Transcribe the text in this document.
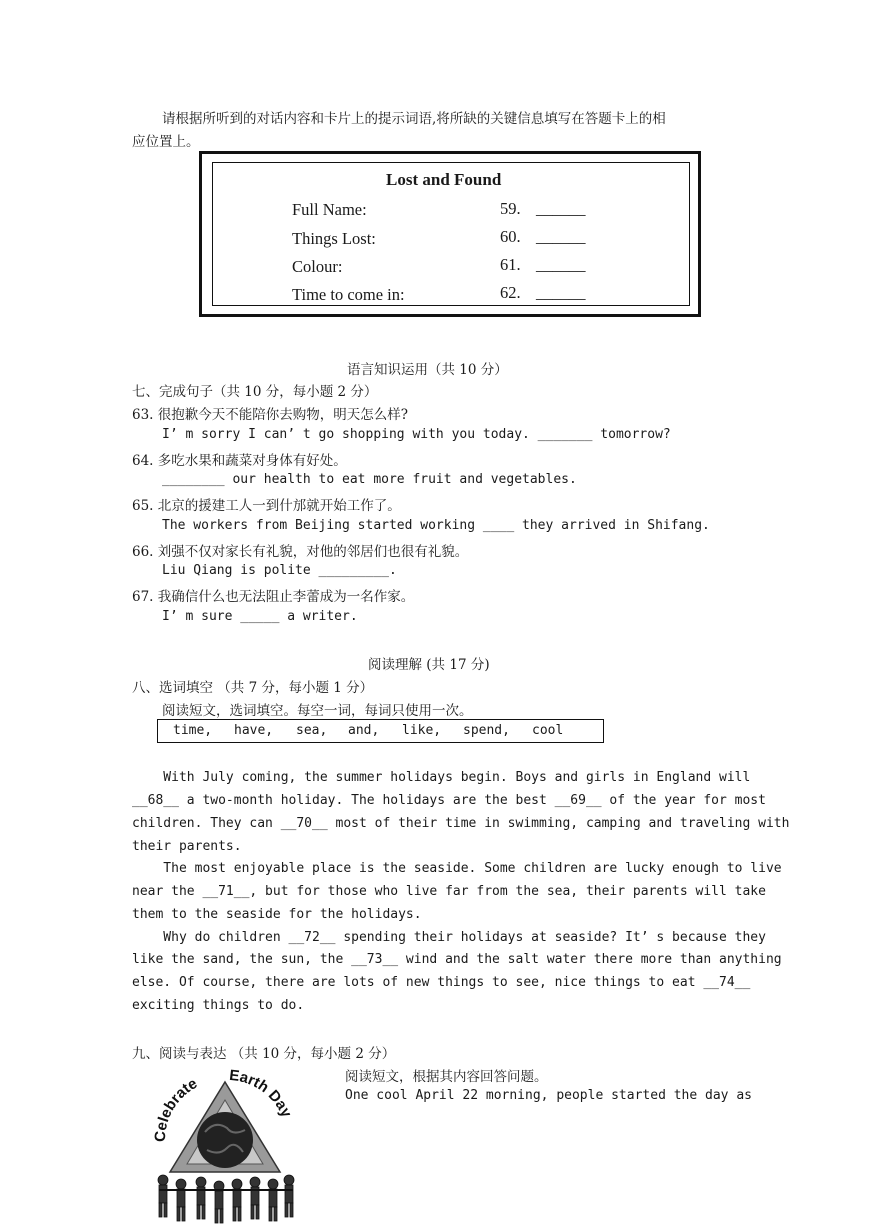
请根据所听到的对话内容和卡片上的提示词语,将所缺的关键信息填写在答题卡上的相
应位置上。
Lost and Found
Full Name:	59. ______
Things Lost:	60. ______
Colour:	61. ______
Time to come in:	62. ______
语言知识运用（共 10 分）
七、完成句子（共 10 分，每小题 2 分）
63. 很抱歉今天不能陪你去购物，明天怎么样?
I’ m sorry I can’ t go shopping with you today. _______ tomorrow?
64. 多吃水果和蔬菜对身体有好处。
________ our health to eat more fruit and vegetables.
65. 北京的援建工人一到什邡就开始工作了。
The workers from Beijing started working ____ they arrived in Shifang.
66. 刘强不仅对家长有礼貌，对他的邻居们也很有礼貌。
Liu Qiang is polite _________.
67. 我确信什么也无法阻止李蕾成为一名作家。
I’ m sure _____ a writer.
阅读理解 (共 17 分)
八、选词填空 （共 7 分，每小题 1 分）
阅读短文，选词填空。每空一词，每词只使用一次。
time, have, sea, and, like, spend, cool
With July coming, the summer holidays begin. Boys and girls in England will
__68__ a two-month holiday. The holidays are the best __69__ of the year for most
children. They can __70__ most of their time in swimming, camping and traveling with
their parents.
The most enjoyable place is the seaside. Some children are lucky enough to live
near the __71__, but for those who live far from the sea, their parents will take
them to the seaside for the holidays.
Why do children __72__ spending their holidays at seaside? It’ s because they
like the sand, the sun, the __73__ wind and the salt water there more than anything
else. Of course, there are lots of new things to see, nice things to eat __74__
exciting things to do.
九、阅读与表达 （共 10 分，每小题 2 分）
阅读短文，根据其内容回答问题。
One cool April 22 morning, people started the day as
Celebrate Earth Day
